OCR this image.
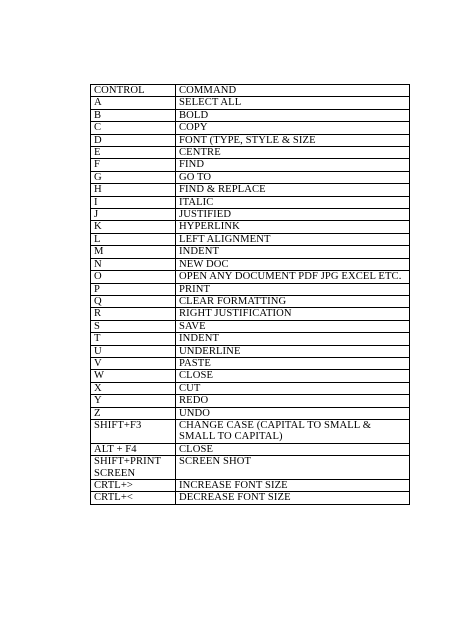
CONTROL	COMMAND
A	SELECT ALL
B	BOLD
C	COPY
D	FONT (TYPE, STYLE & SIZE
E	CENTRE
F	FIND
G	GO TO
H	FIND & REPLACE
I	ITALIC
J	JUSTIFIED
K	HYPERLINK
L	LEFT ALIGNMENT
M	INDENT
N	NEW DOC
O	OPEN ANY DOCUMENT PDF JPG EXCEL ETC.
P	PRINT
Q	CLEAR FORMATTING
R	RIGHT JUSTIFICATION
S	SAVE
T	INDENT
U	UNDERLINE
V	PASTE
W	CLOSE
X	CUT
Y	REDO
Z	UNDO
SHIFT+F3	CHANGE CASE (CAPITAL TO SMALL & SMALL TO CAPITAL)
ALT + F4	CLOSE
SHIFT+PRINT SCREEN	SCREEN SHOT
CRTL+>	INCREASE FONT SIZE
CRTL+<	DECREASE FONT SIZE
